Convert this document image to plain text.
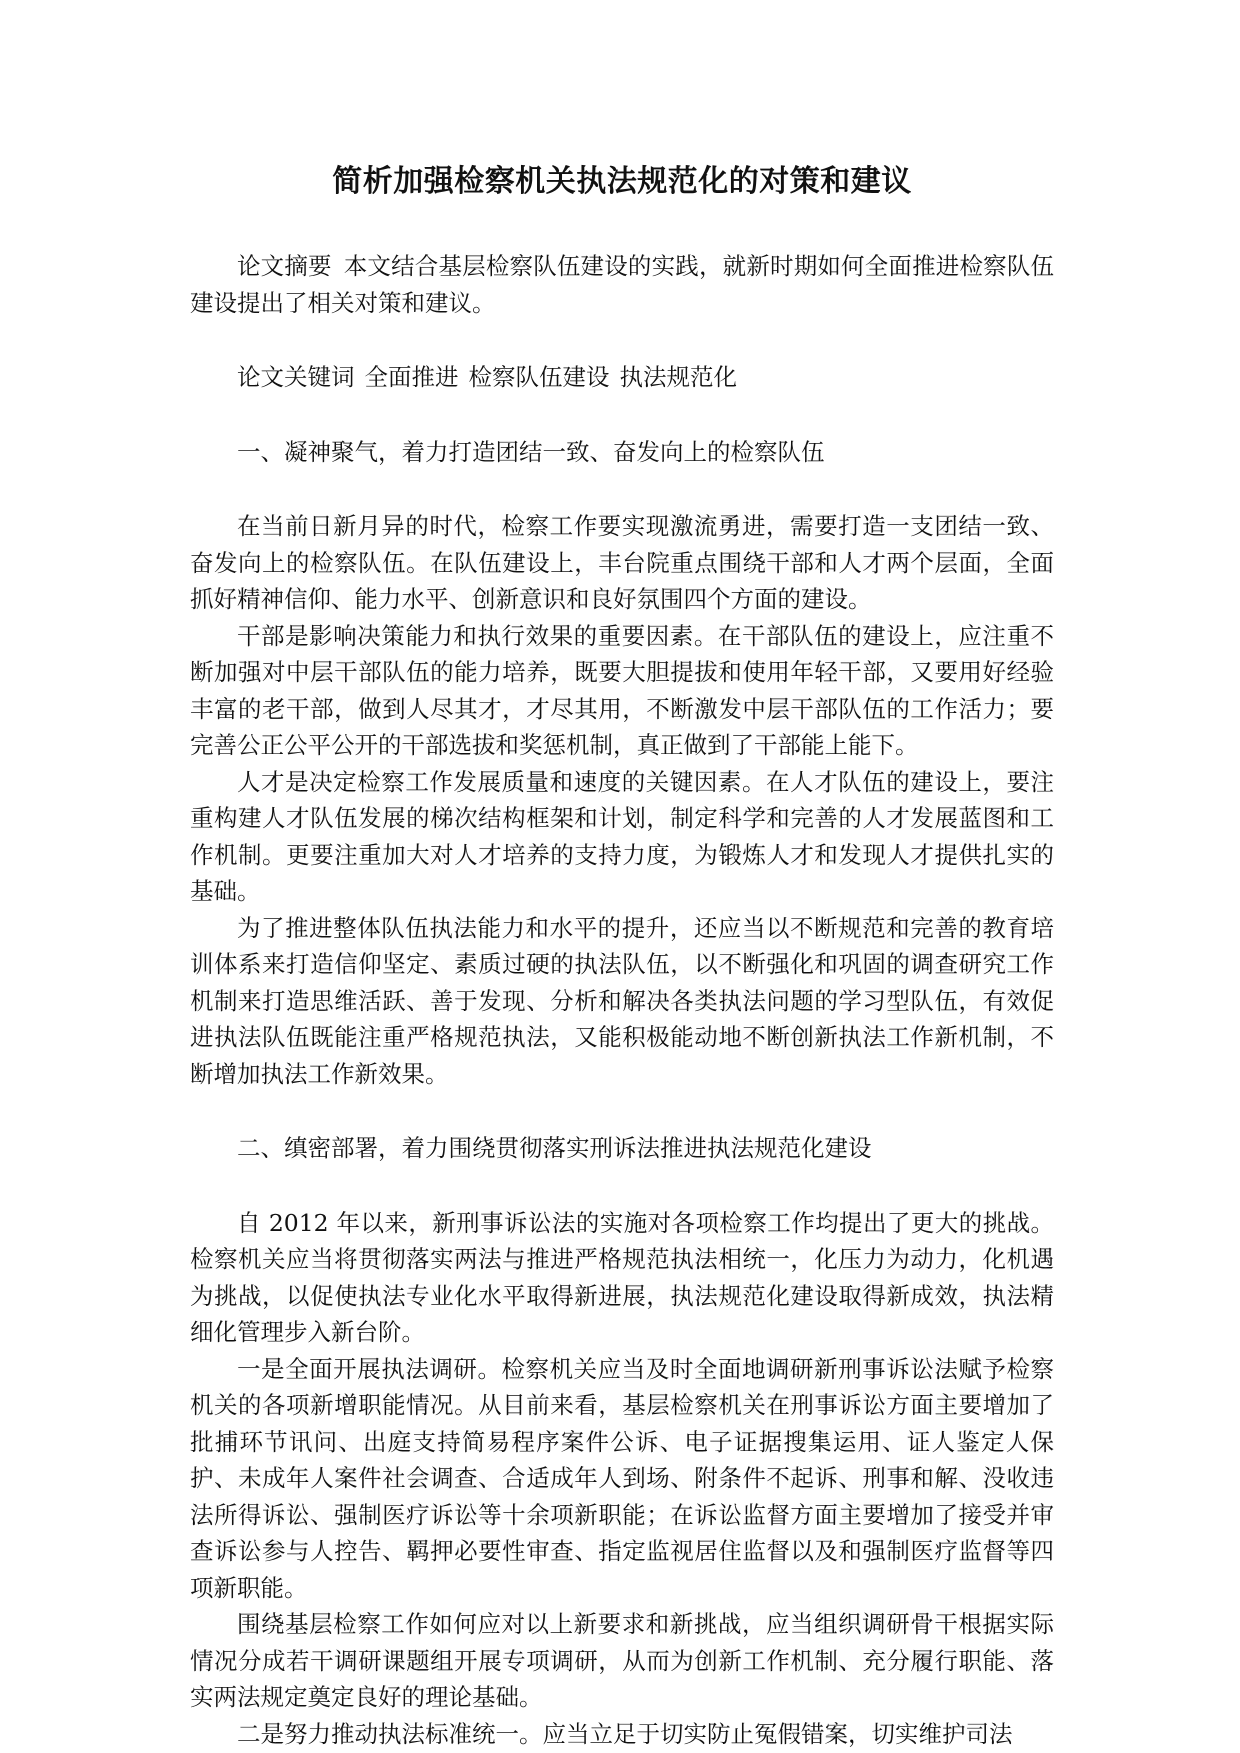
简析加强检察机关执法规范化的对策和建议

论文摘要 本文结合基层检察队伍建设的实践，就新时期如何全面推进检察队伍建设提出了相关对策和建议。

论文关键词 全面推进 检察队伍建设 执法规范化

一、凝神聚气，着力打造团结一致、奋发向上的检察队伍

在当前日新月异的时代，检察工作要实现激流勇进，需要打造一支团结一致、奋发向上的检察队伍。在队伍建设上，丰台院重点围绕干部和人才两个层面，全面抓好精神信仰、能力水平、创新意识和良好氛围四个方面的建设。

干部是影响决策能力和执行效果的重要因素。在干部队伍的建设上，应注重不断加强对中层干部队伍的能力培养，既要大胆提拔和使用年轻干部，又要用好经验丰富的老干部，做到人尽其才，才尽其用，不断激发中层干部队伍的工作活力；要完善公正公平公开的干部选拔和奖惩机制，真正做到了干部能上能下。

人才是决定检察工作发展质量和速度的关键因素。在人才队伍的建设上，要注重构建人才队伍发展的梯次结构框架和计划，制定科学和完善的人才发展蓝图和工作机制。更要注重加大对人才培养的支持力度，为锻炼人才和发现人才提供扎实的基础。

为了推进整体队伍执法能力和水平的提升，还应当以不断规范和完善的教育培训体系来打造信仰坚定、素质过硬的执法队伍，以不断强化和巩固的调查研究工作机制来打造思维活跃、善于发现、分析和解决各类执法问题的学习型队伍，有效促进执法队伍既能注重严格规范执法，又能积极能动地不断创新执法工作新机制，不断增加执法工作新效果。

二、缜密部署，着力围绕贯彻落实刑诉法推进执法规范化建设

自 2012 年以来，新刑事诉讼法的实施对各项检察工作均提出了更大的挑战。检察机关应当将贯彻落实两法与推进严格规范执法相统一，化压力为动力，化机遇为挑战，以促使执法专业化水平取得新进展，执法规范化建设取得新成效，执法精细化管理步入新台阶。

一是全面开展执法调研。检察机关应当及时全面地调研新刑事诉讼法赋予检察机关的各项新增职能情况。从目前来看，基层检察机关在刑事诉讼方面主要增加了批捕环节讯问、出庭支持简易程序案件公诉、电子证据搜集运用、证人鉴定人保护、未成年人案件社会调查、合适成年人到场、附条件不起诉、刑事和解、没收违法所得诉讼、强制医疗诉讼等十余项新职能；在诉讼监督方面主要增加了接受并审查诉讼参与人控告、羁押必要性审查、指定监视居住监督以及和强制医疗监督等四项新职能。

围绕基层检察工作如何应对以上新要求和新挑战，应当组织调研骨干根据实际情况分成若干调研课题组开展专项调研，从而为创新工作机制、充分履行职能、落实两法规定奠定良好的理论基础。

二是努力推动执法标准统一。应当立足于切实防止冤假错案，切实维护司法
